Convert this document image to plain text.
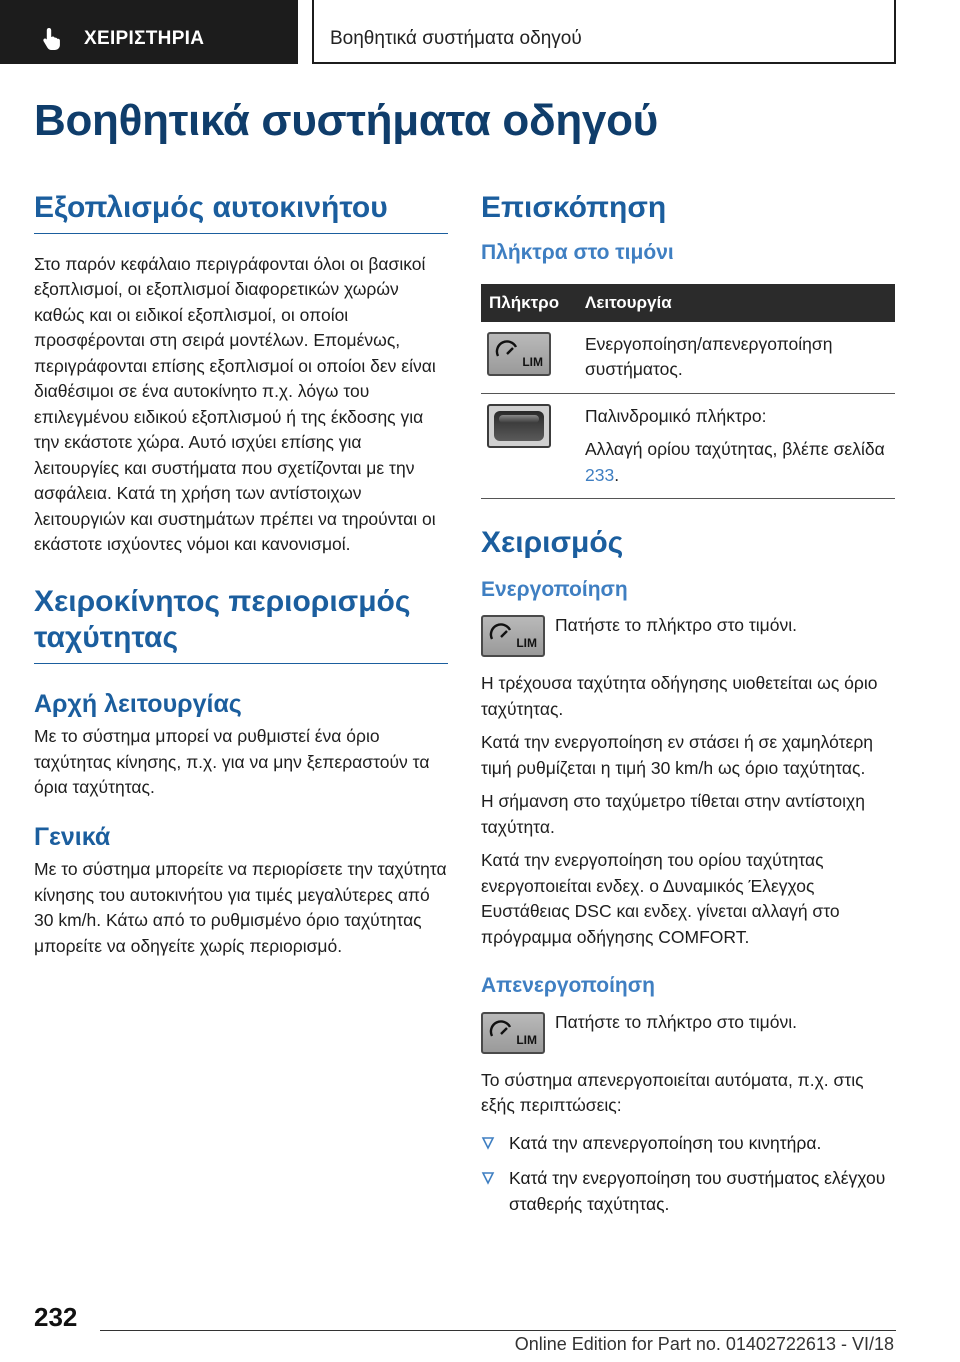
ΧΕΙΡΙΣΤΗΡΙΑ	Βοηθητικά συστήματα οδηγού
Βοηθητικά συστήματα οδηγού
Εξοπλισμός αυτοκινήτου

Στο παρόν κεφάλαιο περιγράφονται όλοι οι βασικοί εξοπλισμοί, οι εξοπλισμοί διαφορετικών χωρών καθώς και οι ειδικοί εξοπλισμοί, οι οποίοι προσφέρονται στη σειρά μοντέλων. Επομένως, περιγράφονται επίσης εξοπλισμοί οι οποίοι δεν είναι διαθέσιμοι σε ένα αυτοκίνητο π.χ. λόγω του επιλεγμένου ειδικού εξοπλισμού ή της έκδοσης για την εκάστοτε χώρα. Αυτό ισχύει επίσης για λειτουργίες και συστήματα που σχετίζονται με την ασφάλεια. Κατά τη χρήση των αντίστοιχων λειτουργιών και συστημάτων πρέπει να τηρούνται οι εκάστοτε ισχύοντες νόμοι και κανονισμοί.

Χειροκίνητος περιορισμός ταχύτητας
Αρχή λειτουργίας

Με το σύστημα μπορεί να ρυθμιστεί ένα όριο ταχύτητας κίνησης, π.χ. για να μην ξεπεραστούν τα όρια ταχύτητας.

Γενικά

Με το σύστημα μπορείτε να περιορίσετε την ταχύτητα κίνησης του αυτοκινήτου για τιμές μεγαλύτερες από 30 km/h. Κάτω από το ρυθμισμένο όριο ταχύτητας μπορείτε να οδηγείτε χωρίς περιορισμό.

Επισκόπηση
Πλήκτρα στο τιμόνι
Πλήκτρο	Λειτουργία

LIM	Ενεργοποίηση/απενεργοποίηση συστήματος.

	Παλινδρομικό πλήκτρο:
Αλλαγή ορίου ταχύτητας, βλέπε σελίδα 233.
Χειρισμός
Ενεργοποίηση
LIM

Πατήστε το πλήκτρο στο τιμόνι.

Η τρέχουσα ταχύτητα οδήγησης υιοθετείται ως όριο ταχύτητας.

Κατά την ενεργοποίηση εν στάσει ή σε χαμηλότερη τιμή ρυθμίζεται η τιμή 30 km/h ως όριο ταχύτητας.

Η σήμανση στο ταχύμετρο τίθεται στην αντίστοιχη ταχύτητα.

Κατά την ενεργοποίηση του ορίου ταχύτητας ενεργοποιείται ενδεχ. ο Δυναμικός Έλεγχος Ευστάθειας DSC και ενδεχ. γίνεται αλλαγή στο πρόγραμμα οδήγησης COMFORT.

Απενεργοποίηση
LIM

Πατήστε το πλήκτρο στο τιμόνι.

Το σύστημα απενεργοποιείται αυτόματα, π.χ. στις εξής περιπτώσεις:

Κατά την απενεργοποίηση του κινητήρα.
Κατά την ενεργοποίηση του συστήματος ελέγχου σταθερής ταχύτητας.
232
Online Edition for Part no. 01402722613 - VI/18
